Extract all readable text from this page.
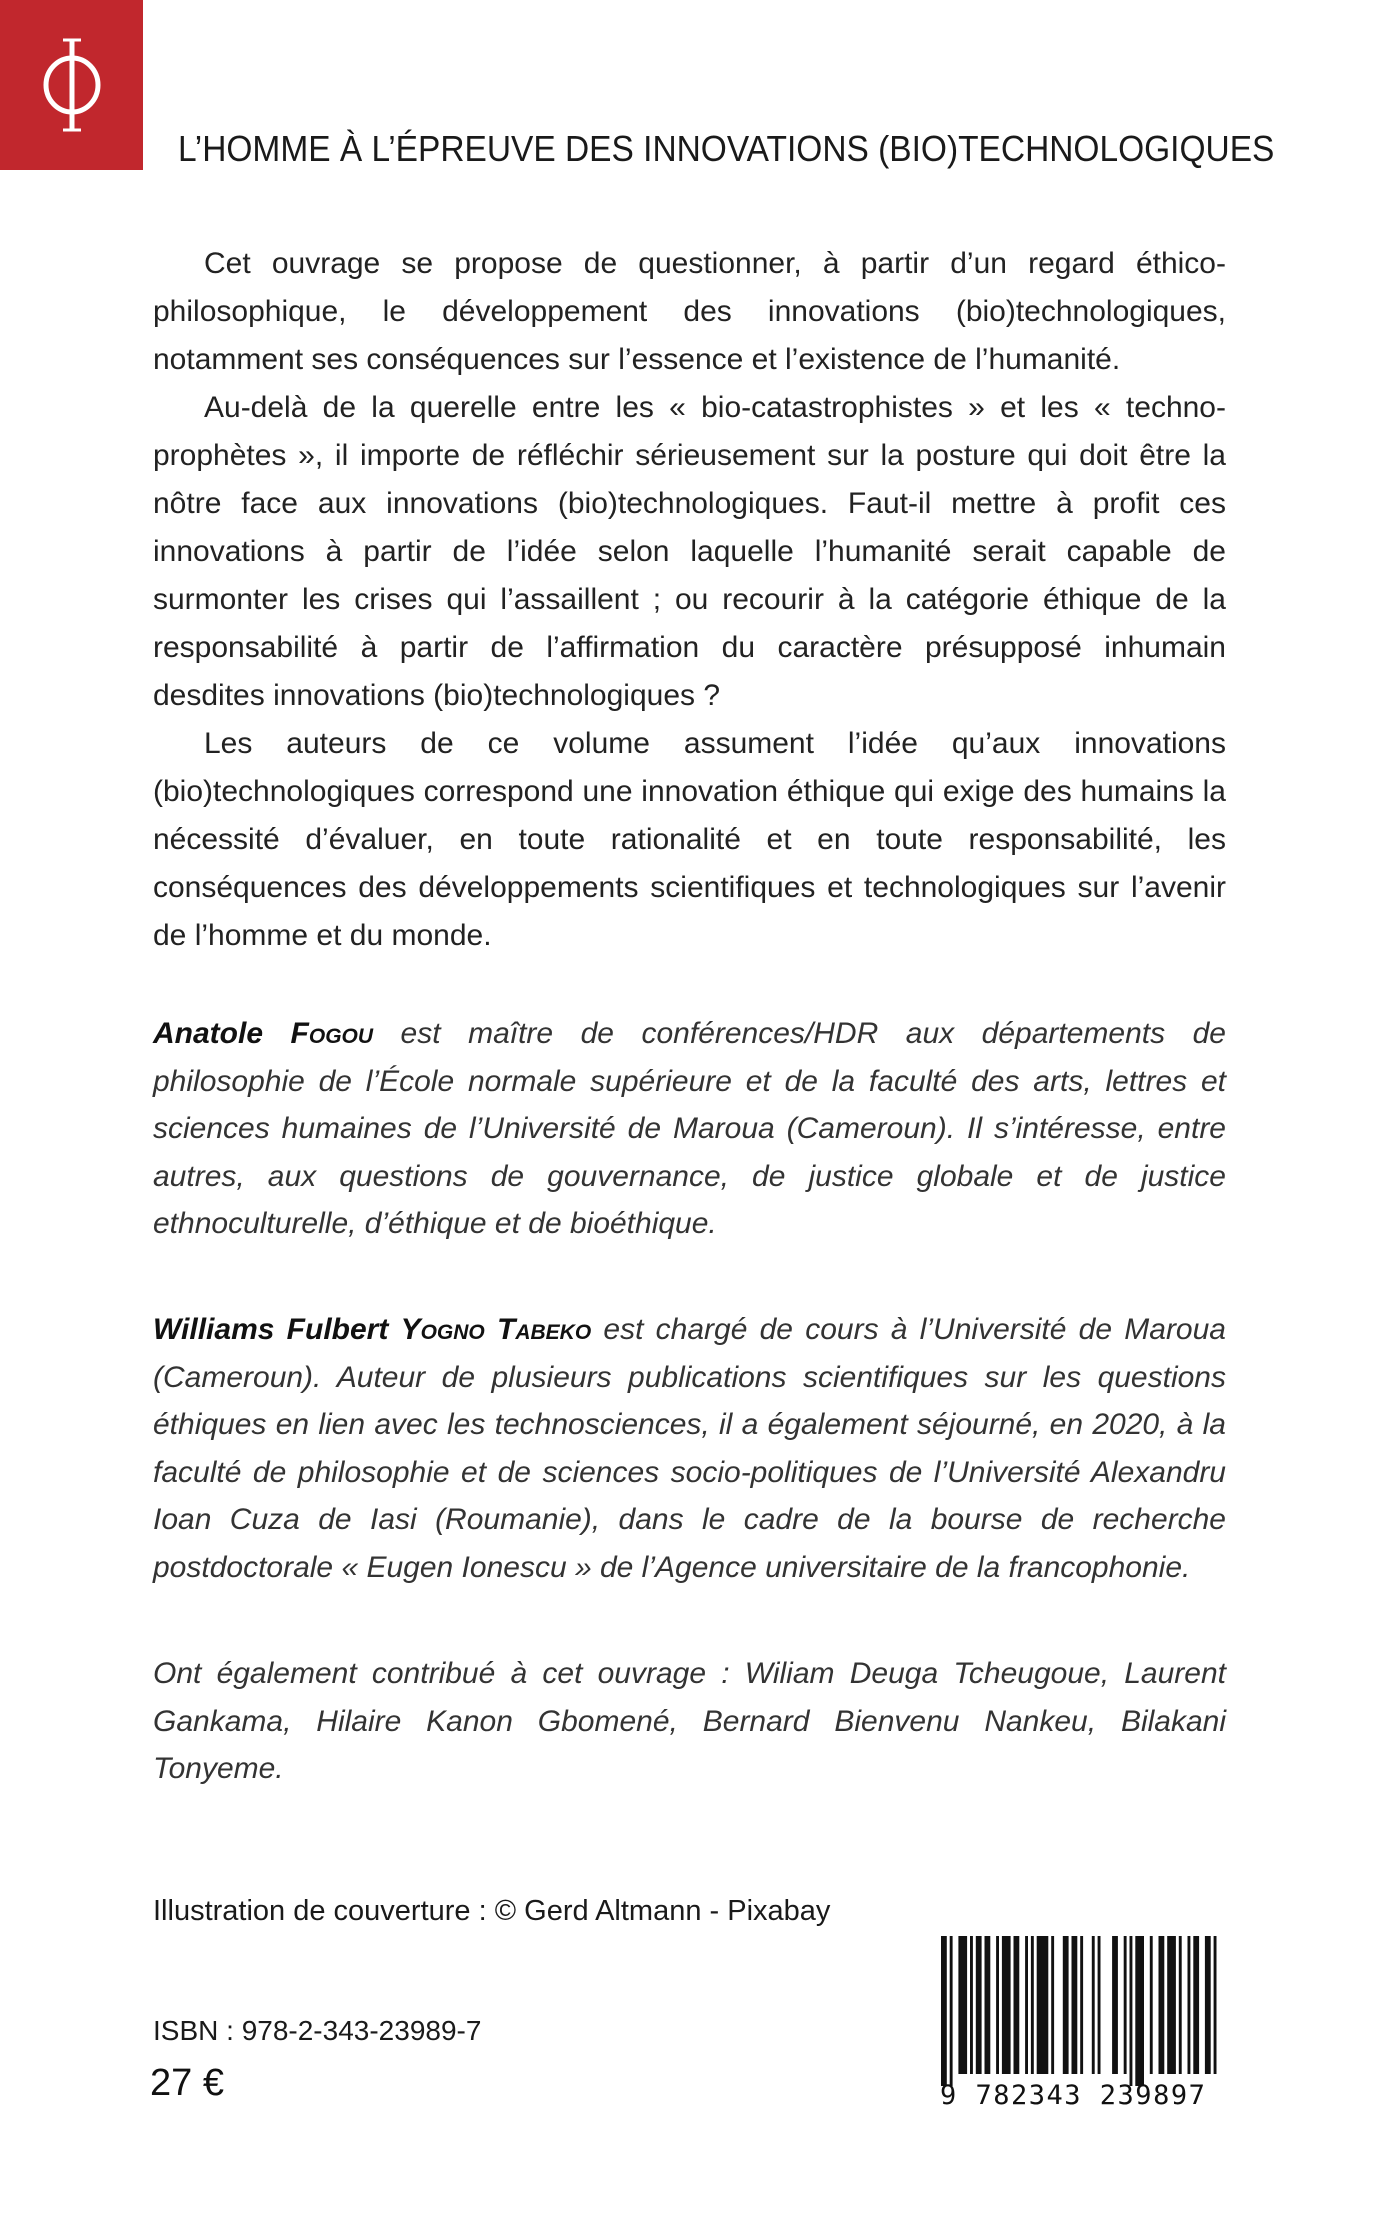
L’HOMME À L’ÉPREUVE DES INNOVATIONS (BIO)TECHNOLOGIQUES

Cet ouvrage se propose de questionner, à partir d’un regard éthico-philosophique, le développement des innovations (bio)technologiques, notamment ses conséquences sur l’essence et l’existence de l’humanité.

Au-delà de la querelle entre les « bio-catastrophistes » et les « techno-prophètes », il importe de réfléchir sérieusement sur la posture qui doit être la nôtre face aux innovations (bio)technologiques. Faut-il mettre à profit ces innovations à partir de l’idée selon laquelle l’humanité serait capable de surmonter les crises qui l’assaillent ; ou recourir à la catégorie éthique de la responsabilité à partir de l’affirmation du caractère présupposé inhumain desdites innovations (bio)technologiques ?

Les auteurs de ce volume assument l’idée qu’aux innovations (bio)technologiques correspond une innovation éthique qui exige des humains la nécessité d’évaluer, en toute rationalité et en toute responsabilité, les conséquences des développements scientifiques et technologiques sur l’avenir de l’homme et du monde.

Anatole Fogou est maître de conférences/HDR aux départements de philosophie de l’École normale supérieure et de la faculté des arts, lettres et sciences humaines de l’Université de Maroua (Cameroun). Il s’intéresse, entre autres, aux questions de gouvernance, de justice globale et de justice ethnoculturelle, d’éthique et de bioéthique.

Williams Fulbert Yogno Tabeko est chargé de cours à l’Université de Maroua (Cameroun). Auteur de plusieurs publications scientifiques sur les questions éthiques en lien avec les technosciences, il a également séjourné, en 2020, à la faculté de philosophie et de sciences socio-politiques de l’Université Alexandru Ioan Cuza de Iasi (Roumanie), dans le cadre de la bourse de recherche postdoctorale « Eugen Ionescu » de l’Agence universitaire de la francophonie.

Ont également contribué à cet ouvrage : Wiliam Deuga Tcheugoue, Laurent Gankama, Hilaire Kanon Gbomené, Bernard Bienvenu Nankeu, Bilakani Tonyeme.

Illustration de couverture : © Gerd Altmann - Pixabay

9 782343 239897

ISBN : 978-2-343-23989-7

27 €
